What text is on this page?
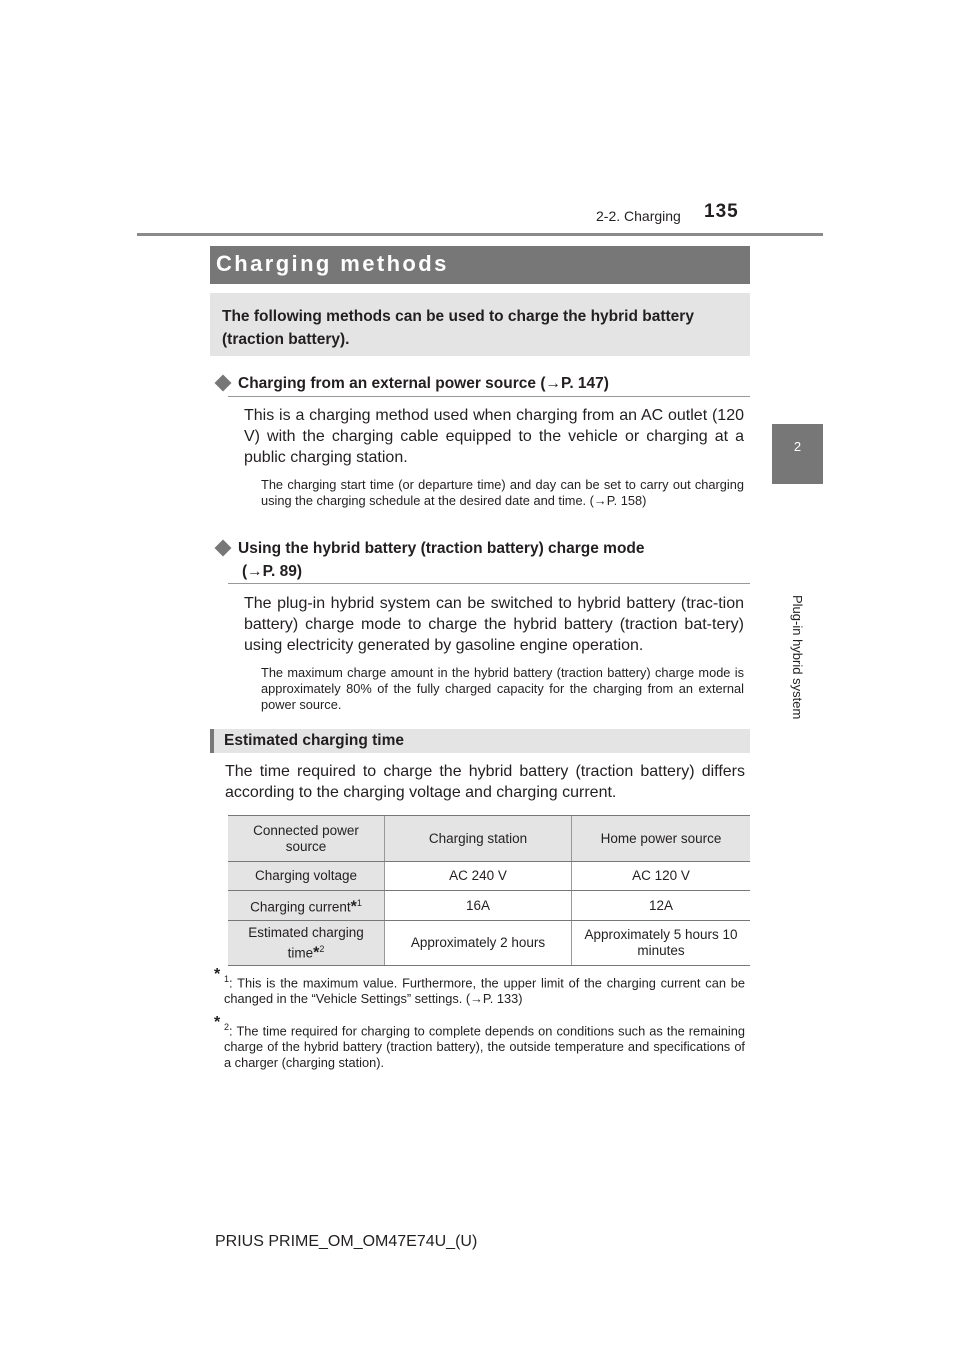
2-2. Charging 135
2
Plug-in hybrid system
Charging methods
The following methods can be used to charge the hybrid battery (traction battery).
Charging from an external power source (→P. 147)
This is a charging method used when charging from an AC outlet (120 V) with the charging cable equipped to the vehicle or charging at a public charging station.
The charging start time (or departure time) and day can be set to carry out charging using the charging schedule at the desired date and time. (→P. 158)
Using the hybrid battery (traction battery) charge mode
(→P. 89)
The plug-in hybrid system can be switched to hybrid battery (trac-tion battery) charge mode to charge the hybrid battery (traction bat-tery) using electricity generated by gasoline engine operation.
The maximum charge amount in the hybrid battery (traction battery) charge mode is approximately 80% of the fully charged capacity for the charging from an external power source.
Estimated charging time
The time required to charge the hybrid battery (traction battery) differs according to the charging voltage and charging current.
Connected power source	Charging station	Home power source
Charging voltage	AC 240 V	AC 120 V
Charging current*$^1$	16A	12A
Estimated charging time*$^2$	Approximately 2 hours	Approximately 5 hours 10 minutes
* $^1$: This is the maximum value. Furthermore, the upper limit of the charging current can be changed in the “Vehicle Settings” settings. (→P. 133)
* $^2$: The time required for charging to complete depends on conditions such as the remaining charge of the hybrid battery (traction battery), the outside temperature and specifications of a charger (charging station).
PRIUS PRIME_OM_OM47E74U_(U)
